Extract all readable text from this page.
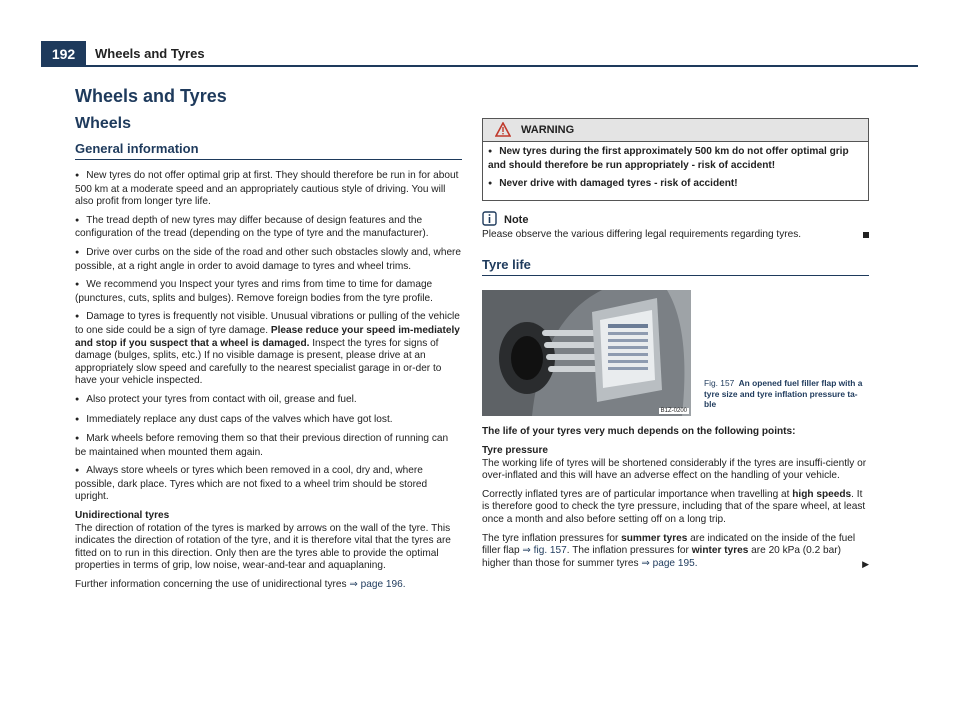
192	Wheels and Tyres
Wheels and Tyres
Wheels
General information

● New tyres do not offer optimal grip at first. They should therefore be run in for about 500 km at a moderate speed and an appropriately cautious style of driving. You will also profit from longer tyre life.

● The tread depth of new tyres may differ because of design features and the configuration of the tread (depending on the type of tyre and the manufacturer).

● Drive over curbs on the side of the road and other such obstacles slowly and, where possible, at a right angle in order to avoid damage to tyres and wheel trims.

● We recommend you Inspect your tyres and rims from time to time for damage (punctures, cuts, splits and bulges). Remove foreign bodies from the tyre profile.

● Damage to tyres is frequently not visible. Unusual vibrations or pulling of the vehicle to one side could be a sign of tyre damage. Please reduce your speed im-mediately and stop if you suspect that a wheel is damaged. Inspect the tyres for signs of damage (bulges, splits, etc.) If no visible damage is present, please drive at an appropriately slow speed and carefully to the nearest specialist garage in or-der to have your vehicle inspected.

● Also protect your tyres from contact with oil, grease and fuel.

● Immediately replace any dust caps of the valves which have got lost.

● Mark wheels before removing them so that their previous direction of running can be maintained when mounted them again.

● Always store wheels or tyres which been removed in a cool, dry and, where possible, dark place. Tyres which are not fixed to a wheel trim should be stored upright.

Unidirectional tyres

The direction of rotation of the tyres is marked by arrows on the wall of the tyre. This indicates the direction of rotation of the tyre, and it is therefore vital that the tyres are fitted on to run in this direction. Only then are the tyres able to provide the optimal properties in terms of grip, low noise, wear-and-tear and aquaplaning.

Further information concerning the use of unidirectional tyres ⇒ page 196.

WARNING

● New tyres during the first approximately 500 km do not offer optimal grip and should therefore be run appropriately - risk of accident!

● Never drive with damaged tyres - risk of accident!

Note

Please observe the various differing legal requirements regarding tyres.

Tyre life
B1Z-0200
Fig. 157 An opened fuel filler flap with a tyre size and tyre inflation pressure ta-ble

The life of your tyres very much depends on the following points:

Tyre pressure

The working life of tyres will be shortened considerably if the tyres are insuffi-ciently or over-inflated and this will have an adverse effect on the handling of your vehicle.

Correctly inflated tyres are of particular importance when travelling at high speeds. It is therefore good to check the tyre pressure, including that of the spare wheel, at least once a month and also before setting off on a long trip.

The tyre inflation pressures for summer tyres are indicated on the inside of the fuel filler flap ⇒ fig. 157. The inflation pressures for winter tyres are 20 kPa (0.2 bar) higher than those for summer tyres ⇒ page 195.	▶
